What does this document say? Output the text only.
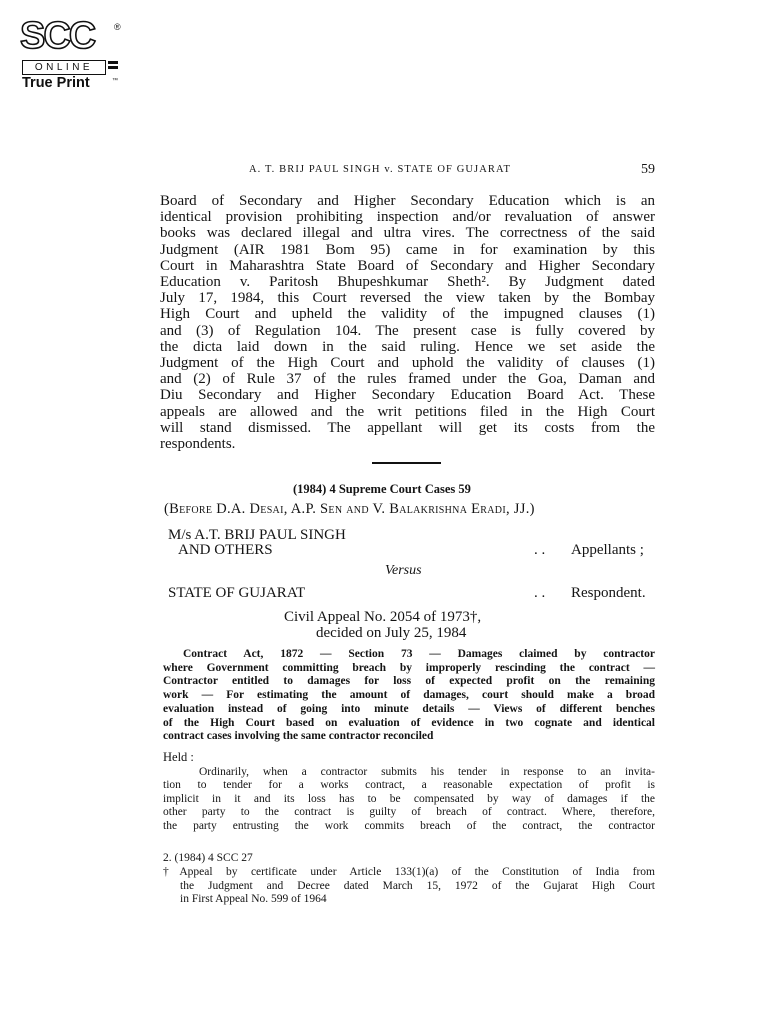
SCC ®
ONLINE
True Print	™
A. T. BRIJ PAUL SINGH v. STATE OF GUJARAT	59
Board of Secondary and Higher Secondary Education which is an
identical provision prohibiting inspection and/or revaluation of answer
books was declared illegal and ultra vires. The correctness of the said
Judgment (AIR 1981 Bom 95) came in for examination by this
Court in Maharashtra State Board of Secondary and Higher Secondary
Education v. Paritosh Bhupeshkumar Sheth². By Judgment dated
July 17, 1984, this Court reversed the view taken by the Bombay
High Court and upheld the validity of the impugned clauses (1)
and (3) of Regulation 104. The present case is fully covered by
the dicta laid down in the said ruling. Hence we set aside the
Judgment of the High Court and uphold the validity of clauses (1)
and (2) of Rule 37 of the rules framed under the Goa, Daman and
Diu Secondary and Higher Secondary Education Board Act. These
appeals are allowed and the writ petitions filed in the High Court
will stand dismissed. The appellant will get its costs from the
respondents.
(1984) 4 Supreme Court Cases 59
(Before D.A. Desai, A.P. Sen and V. Balakrishna Eradi, JJ.)
M/s A.T. BRIJ PAUL SINGH
AND OTHERS	. . Appellants ;
Versus
STATE OF GUJARAT	. . Respondent.
Civil Appeal No. 2054 of 1973†,
decided on July 25, 1984
Contract Act, 1872 — Section 73 — Damages claimed by contractor
where Government committing breach by improperly rescinding the contract —
Contractor entitled to damages for loss of expected profit on the remaining
work — For estimating the amount of damages, court should make a broad
evaluation instead of going into minute details — Views of different benches
of the High Court based on evaluation of evidence in two cognate and identical
contract cases involving the same contractor reconciled
Held :
Ordinarily, when a contractor submits his tender in response to an invita-
tion to tender for a works contract, a reasonable expectation of profit is
implicit in it and its loss has to be compensated by way of damages if the
other party to the contract is guilty of breach of contract. Where, therefore,
the party entrusting the work commits breach of the contract, the contractor
2. (1984) 4 SCC 27
†Appeal by certificate under Article 133(1)(a) of the Constitution of India from
the Judgment and Decree dated March 15, 1972 of the Gujarat High Court
in First Appeal No. 599 of 1964
